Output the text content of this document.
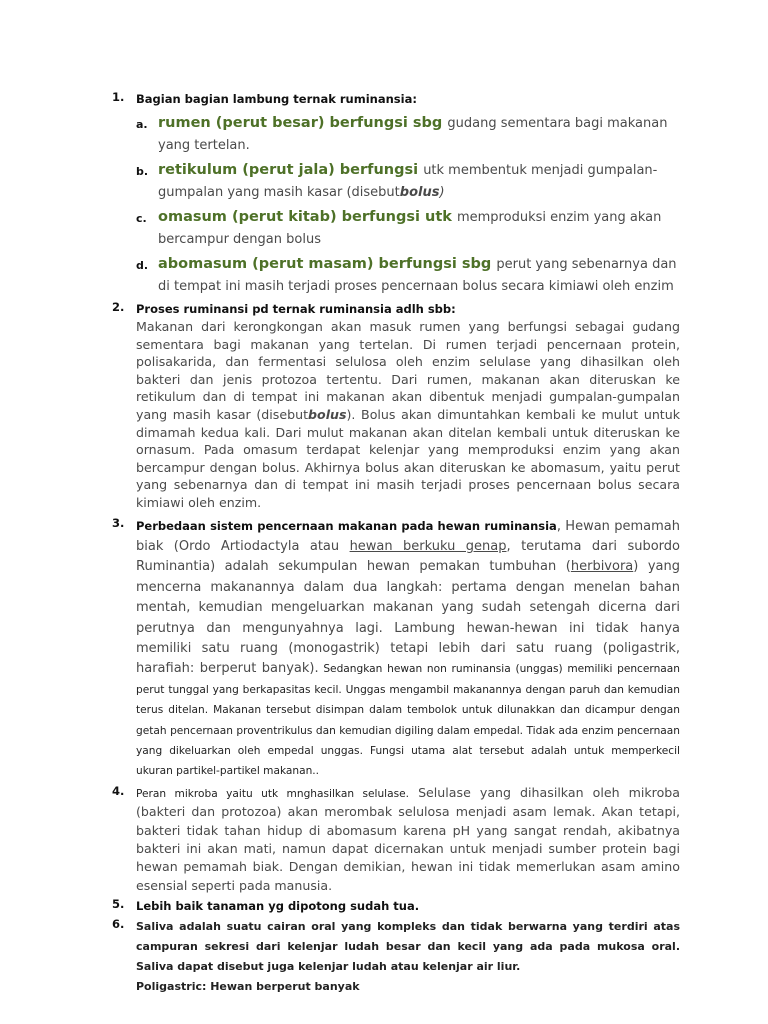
1. Bagian bagian lambung ternak ruminansia:
a. rumen (perut besar) berfungsi sbg gudang sementara bagi makanan yang tertelan.
b. retikulum (perut jala) berfungsi utk membentuk menjadi gumpalan-gumpalan yang masih kasar (disebutbolus)
c. omasum (perut kitab) berfungsi utk memproduksi enzim yang akan bercampur dengan bolus
d. abomasum (perut masam) berfungsi sbg perut yang sebenarnya dan di tempat ini masih terjadi proses pencernaan bolus secara kimiawi oleh enzim
2. Proses ruminansi pd ternak ruminansia adlh sbb:

Makanan dari kerongkongan akan masuk rumen yang berfungsi sebagai gudang sementara bagi makanan yang tertelan. Di rumen terjadi pencernaan protein, polisakarida, dan fermentasi selulosa oleh enzim selulase yang dihasilkan oleh bakteri dan jenis protozoa tertentu. Dari rumen, makanan akan diteruskan ke retikulum dan di tempat ini makanan akan dibentuk menjadi gumpalan-gumpalan yang masih kasar (disebutbolus). Bolus akan dimuntahkan kembali ke mulut untuk dimamah kedua kali. Dari mulut makanan akan ditelan kembali untuk diteruskan ke ornasum. Pada omasum terdapat kelenjar yang memproduksi enzim yang akan bercampur dengan bolus. Akhirnya bolus akan diteruskan ke abomasum, yaitu perut yang sebenarnya dan di tempat ini masih terjadi proses pencernaan bolus secara kimiawi oleh enzim.

3. Perbedaan sistem pencernaan makanan pada hewan ruminansia, Hewan pemamah biak (Ordo Artiodactyla atau hewan berkuku genap, terutama dari subordo Ruminantia) adalah sekumpulan hewan pemakan tumbuhan (herbivora) yang mencerna makanannya dalam dua langkah: pertama dengan menelan bahan mentah, kemudian mengeluarkan makanan yang sudah setengah dicerna dari perutnya dan mengunyahnya lagi. Lambung hewan-hewan ini tidak hanya memiliki satu ruang (monogastrik) tetapi lebih dari satu ruang (poligastrik, harafiah: berperut banyak). Sedangkan hewan non ruminansia (unggas) memiliki pencernaan perut tunggal yang berkapasitas kecil. Unggas mengambil makanannya dengan paruh dan kemudian terus ditelan. Makanan tersebut disimpan dalam tembolok untuk dilunakkan dan dicampur dengan getah pencernaan proventrikulus dan kemudian digiling dalam empedal. Tidak ada enzim pencernaan yang dikeluarkan oleh empedal unggas. Fungsi utama alat tersebut adalah untuk memperkecil ukuran partikel-partikel makanan..

4. Peran mikroba yaitu utk mnghasilkan selulase. Selulase yang dihasilkan oleh mikroba (bakteri dan protozoa) akan merombak selulosa menjadi asam lemak. Akan tetapi, bakteri tidak tahan hidup di abomasum karena pH yang sangat rendah, akibatnya bakteri ini akan mati, namun dapat dicernakan untuk menjadi sumber protein bagi hewan pemamah biak. Dengan demikian, hewan ini tidak memerlukan asam amino esensial seperti pada manusia.

5. Lebih baik tanaman yg dipotong sudah tua.
6. Saliva adalah suatu cairan oral yang kompleks dan tidak berwarna yang terdiri atas campuran sekresi dari kelenjar ludah besar dan kecil yang ada pada mukosa oral. Saliva dapat disebut juga kelenjar ludah atau kelenjar air liur.

Poligastric: Hewan berperut banyak
